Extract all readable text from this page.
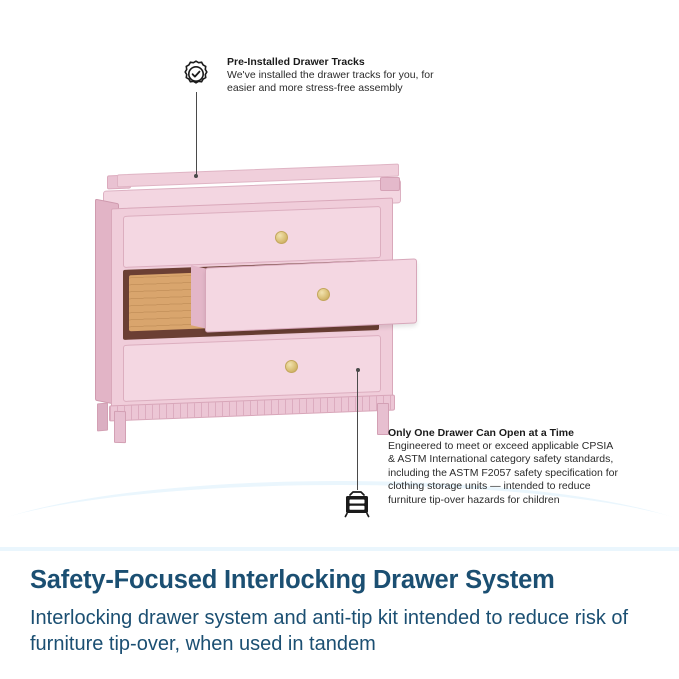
Pre-Installed Drawer Tracks
We've installed the drawer tracks for you, for easier and more stress-free assembly
Only One Drawer Can Open at a Time
Engineered to meet or exceed applicable CPSIA & ASTM International category safety standards, including the ASTM F2057 safety specification for clothing storage units — intended to reduce furniture tip-over hazards for children
Safety-Focused Interlocking Drawer System
Interlocking drawer system and anti-tip kit intended to reduce risk of furniture tip-over, when used in tandem
